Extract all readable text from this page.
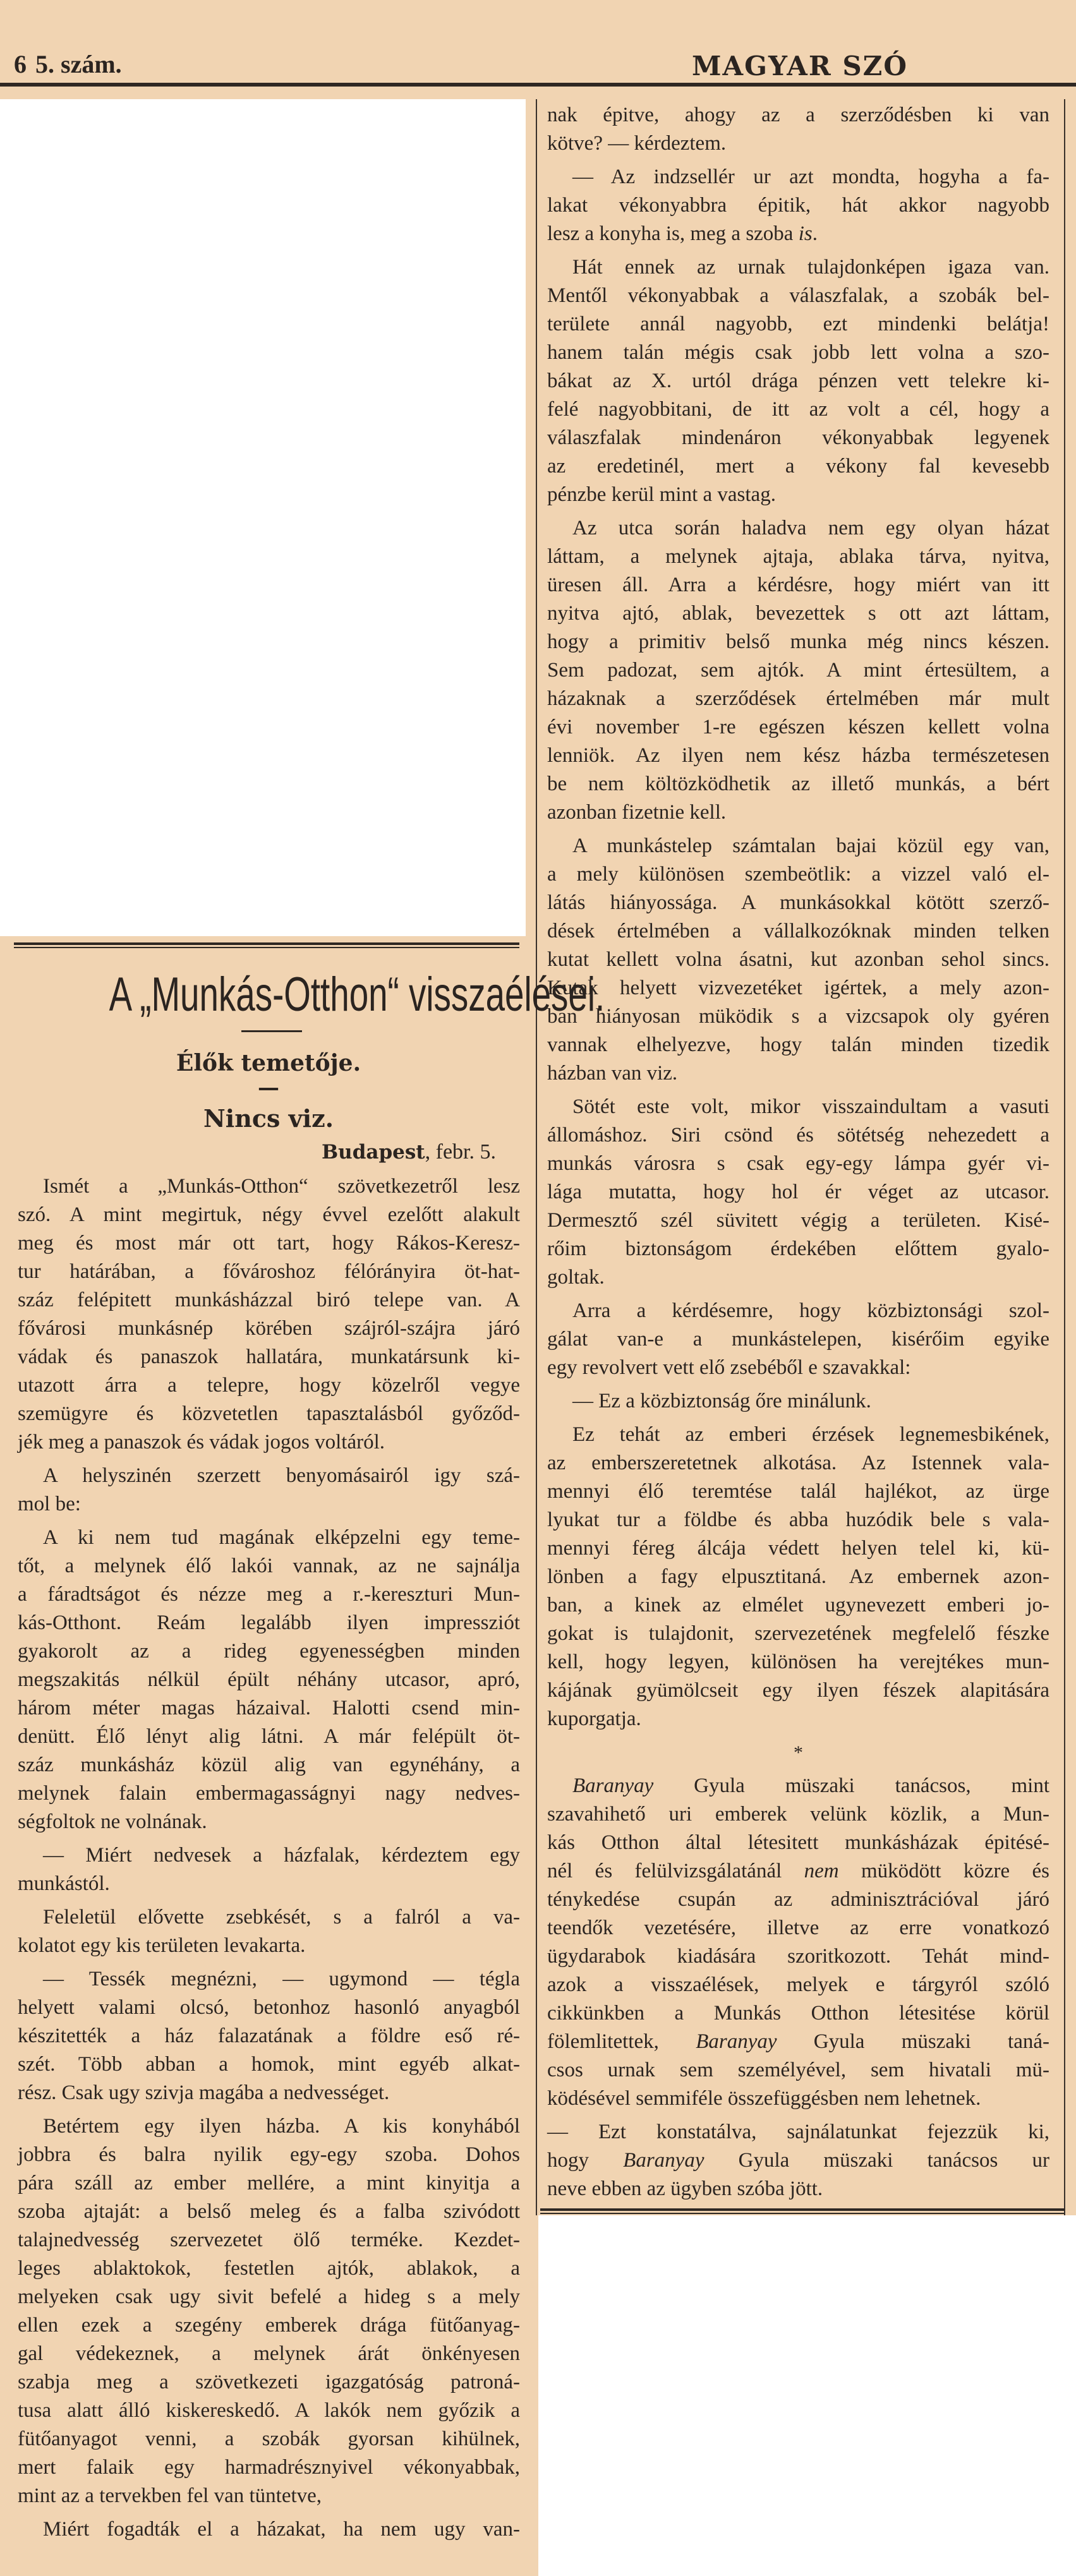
6 5. szám.	MAGYAR SZÓ
A „Munkás-Otthon“ visszaélései.
Élők temetője.
—
Nincs viz.
Budapest, febr. 5.
Ismét a „Munkás-Otthon“ szövetkezetről lesz
szó. A mint megirtuk, négy évvel ezelőtt alakult
meg és most már ott tart, hogy Rákos-Keresz-
tur határában, a fővároshoz félórányira öt-hat-
száz felépitett munkásházzal biró telepe van. A
fővárosi munkásnép körében szájról-szájra járó
vádak és panaszok hallatára, munkatársunk ki-
utazott árra a telepre, hogy közelről vegye
szemügyre és közvetetlen tapasztalásból győződ-
jék meg a panaszok és vádak jogos voltáról.
A helyszinén szerzett benyomásairól igy szá-
mol be:
A ki nem tud magának elképzelni egy teme-
tőt, a melynek élő lakói vannak, az ne sajnálja
a fáradtságot és nézze meg a r.-kereszturi Mun-
kás-Otthont. Reám legalább ilyen impressziót
gyakorolt az a rideg egyenességben minden
megszakitás nélkül épült néhány utcasor, apró,
három méter magas házaival. Halotti csend min-
denütt. Élő lényt alig látni. A már felépült öt-
száz munkásház közül alig van egynéhány, a
melynek falain embermagasságnyi nagy nedves-
ségfoltok ne volnának.
— Miért nedvesek a házfalak, kérdeztem egy
munkástól.
Feleletül elővette zsebkését, s a falról a va-
kolatot egy kis területen levakarta.
— Tessék megnézni, — ugymond — tégla
helyett valami olcsó, betonhoz hasonló anyagból
készitették a ház falazatának a földre eső ré-
szét. Több abban a homok, mint egyéb alkat-
rész. Csak ugy szivja magába a nedvességet.
Betértem egy ilyen házba. A kis konyhából
jobbra és balra nyilik egy-egy szoba. Dohos
pára száll az ember mellére, a mint kinyitja a
szoba ajtaját: a belső meleg és a falba szivódott
talajnedvesség szervezetet ölő terméke. Kezdet-
leges ablaktokok, festetlen ajtók, ablakok, a
melyeken csak ugy sivit befelé a hideg s a mely
ellen ezek a szegény emberek drága fütőanyag-
gal védekeznek, a melynek árát önkényesen
szabja meg a szövetkezeti igazgatóság patroná-
tusa alatt álló kiskereskedő. A lakók nem győzik a
fütőanyagot venni, a szobák gyorsan kihülnek,
mert falaik egy harmadrésznyivel vékonyabbak,
mint az a tervekben fel van tüntetve,
Miért fogadták el a házakat, ha nem ugy van-
nak épitve, ahogy az a szerződésben ki van
kötve? — kérdeztem.
— Az indzsellér ur azt mondta, hogyha a fa-
lakat vékonyabbra épitik, hát akkor nagyobb
lesz a konyha is, meg a szoba is.
Hát ennek az urnak tulajdonképen igaza van.
Mentől vékonyabbak a válaszfalak, a szobák bel-
területe annál nagyobb, ezt mindenki belátja!
hanem talán mégis csak jobb lett volna a szo-
bákat az X. urtól drága pénzen vett telekre ki-
felé nagyobbitani, de itt az volt a cél, hogy a
válaszfalak mindenáron vékonyabbak legyenek
az eredetinél, mert a vékony fal kevesebb
pénzbe kerül mint a vastag.
Az utca során haladva nem egy olyan házat
láttam, a melynek ajtaja, ablaka tárva, nyitva,
üresen áll. Arra a kérdésre, hogy miért van itt
nyitva ajtó, ablak, bevezettek s ott azt láttam,
hogy a primitiv belső munka még nincs készen.
Sem padozat, sem ajtók. A mint értesültem, a
házaknak a szerződések értelmében már mult
évi november 1-re egészen készen kellett volna
lenniök. Az ilyen nem kész házba természetesen
be nem költözködhetik az illető munkás, a bért
azonban fizetnie kell.
A munkástelep számtalan bajai közül egy van,
a mely különösen szembeötlik: a vizzel való el-
látás hiányossága. A munkásokkal kötött szerző-
dések értelmében a vállalkozóknak minden telken
kutat kellett volna ásatni, kut azonban sehol sincs.
Kutak helyett vizvezetéket igértek, a mely azon-
ban hiányosan müködik s a vizcsapok oly gyéren
vannak elhelyezve, hogy talán minden tizedik
házban van viz.
Sötét este volt, mikor visszaindultam a vasuti
állomáshoz. Siri csönd és sötétség nehezedett a
munkás városra s csak egy-egy lámpa gyér vi-
lága mutatta, hogy hol ér véget az utcasor.
Dermesztő szél süvitett végig a területen. Kisé-
rőim biztonságom érdekében előttem gyalo-
goltak.
Arra a kérdésemre, hogy közbiztonsági szol-
gálat van-e a munkástelepen, kisérőim egyike
egy revolvert vett elő zsebéből e szavakkal:
— Ez a közbiztonság őre minálunk.
Ez tehát az emberi érzések legnemesbikének,
az emberszeretetnek alkotása. Az Istennek vala-
mennyi élő teremtése talál hajlékot, az ürge
lyukat tur a földbe és abba huzódik bele s vala-
mennyi féreg álcája védett helyen telel ki, kü-
lönben a fagy elpusztitaná. Az embernek azon-
ban, a kinek az elmélet ugynevezett emberi jo-
gokat is tulajdonit, szervezetének megfelelő fészke
kell, hogy legyen, különösen ha verejtékes mun-
kájának gyümölcseit egy ilyen fészek alapitására
kuporgatja.
*
Baranyay Gyula müszaki tanácsos, mint
szavahihető uri emberek velünk közlik, a Mun-
kás Otthon által létesitett munkásházak épitésé-
nél és felülvizsgálatánál nem müködött közre és
ténykedése csupán az adminisztrációval járó
teendők vezetésére, illetve az erre vonatkozó
ügydarabok kiadására szoritkozott. Tehát mind-
azok a visszaélések, melyek e tárgyról szóló
cikkünkben a Munkás Otthon létesitése körül
fölemlitettek, Baranyay Gyula müszaki taná-
csos urnak sem személyével, sem hivatali mü-
ködésével semmiféle összefüggésben nem lehetnek.
— Ezt konstatálva, sajnálatunkat fejezzük ki,
hogy Baranyay Gyula müszaki tanácsos ur
neve ebben az ügyben szóba jött.
